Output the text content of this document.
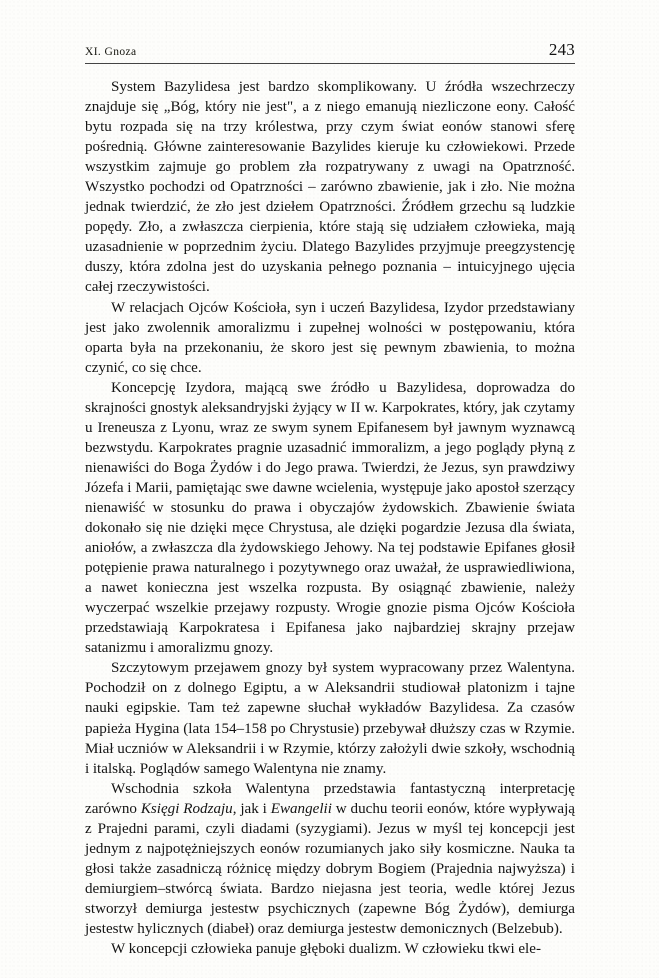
XI. Gnoza	243

System Bazylidesa jest bardzo skomplikowany. U źródła wszechrzeczy znajduje się „Bóg, który nie jest", a z niego emanują niezliczone eony. Całość bytu rozpada się na trzy królestwa, przy czym świat eonów stanowi sferę pośrednią. Główne zainteresowanie Bazylides kieruje ku człowiekowi. Przede wszystkim zajmuje go problem zła rozpatrywany z uwagi na Opatrzność. Wszystko pochodzi od Opatrzności – zarówno zbawienie, jak i zło. Nie można jednak twierdzić, że zło jest dziełem Opatrzności. Źródłem grzechu są ludzkie popędy. Zło, a zwłaszcza cierpienia, które stają się udziałem człowieka, mają uzasadnienie w poprzednim życiu. Dlatego Bazylides przyjmuje preegzystencję duszy, która zdolna jest do uzyskania pełnego poznania – intuicyjnego ujęcia całej rzeczywistości.

W relacjach Ojców Kościoła, syn i uczeń Bazylidesa, Izydor przedstawiany jest jako zwolennik amoralizmu i zupełnej wolności w postępowaniu, która oparta była na przekonaniu, że skoro jest się pewnym zbawienia, to można czynić, co się chce.

Koncepcję Izydora, mającą swe źródło u Bazylidesa, doprowadza do skrajności gnostyk aleksandryjski żyjący w II w. Karpokrates, który, jak czytamy u Ireneusza z Lyonu, wraz ze swym synem Epifanesem był jawnym wyznawcą bezwstydu. Karpokrates pragnie uzasadnić immoralizm, a jego poglądy płyną z nienawiści do Boga Żydów i do Jego prawa. Twierdzi, że Jezus, syn prawdziwy Józefa i Marii, pamiętając swe dawne wcielenia, występuje jako apostoł szerzący nienawiść w stosunku do prawa i obyczajów żydowskich. Zbawienie świata dokonało się nie dzięki męce Chrystusa, ale dzięki pogardzie Jezusa dla świata, aniołów, a zwłaszcza dla żydowskiego Jehowy. Na tej podstawie Epifanes głosił potępienie prawa naturalnego i pozytywnego oraz uważał, że usprawiedliwiona, a nawet konieczna jest wszelka rozpusta. By osiągnąć zbawienie, należy wyczerpać wszelkie przejawy rozpusty. Wrogie gnozie pisma Ojców Kościoła przedstawiają Karpokratesa i Epifanesa jako najbardziej skrajny przejaw satanizmu i amoralizmu gnozy.

Szczytowym przejawem gnozy był system wypracowany przez Walentyna. Pochodził on z dolnego Egiptu, a w Aleksandrii studiował platonizm i tajne nauki egipskie. Tam też zapewne słuchał wykładów Bazylidesa. Za czasów papieża Hygina (lata 154–158 po Chrystusie) przebywał dłuższy czas w Rzymie. Miał uczniów w Aleksandrii i w Rzymie, którzy założyli dwie szkoły, wschodnią i italską. Poglądów samego Walentyna nie znamy.

Wschodnia szkoła Walentyna przedstawia fantastyczną interpretację zarówno Księgi Rodzaju, jak i Ewangelii w duchu teorii eonów, które wypływają z Prajedni parami, czyli diadami (syzygiami). Jezus w myśl tej koncepcji jest jednym z najpotężniejszych eonów rozumianych jako siły kosmiczne. Nauka ta głosi także zasadniczą różnicę między dobrym Bogiem (Prajednia najwyższa) i demiurgiem–stwórcą świata. Bardzo niejasna jest teoria, wedle której Jezus stworzył demiurga jestestw psychicznych (zapewne Bóg Żydów), demiurga jestestw hylicznych (diabeł) oraz demiurga jestestw demonicznych (Belzebub).

W koncepcji człowieka panuje głęboki dualizm. W człowieku tkwi ele-
